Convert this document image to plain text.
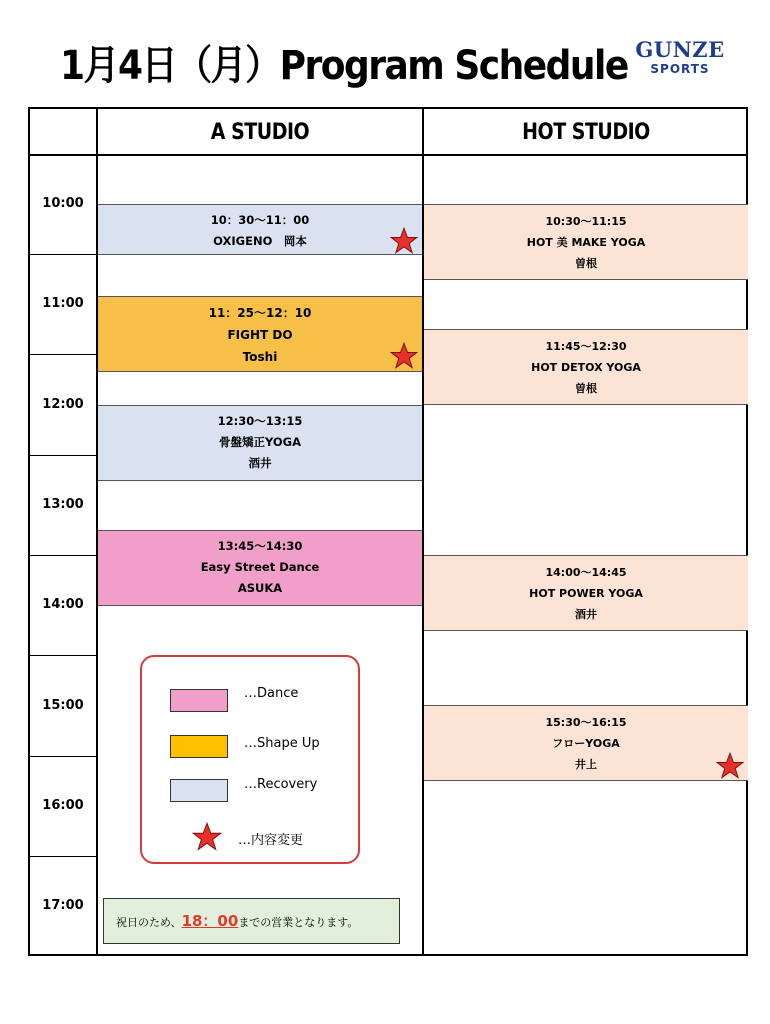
1月4日（月）Program Schedule GUNZE
SPORTS
A STUDIO	HOT STUDIO
10:00
11:00
12:00
13:00
14:00
15:00
16:00
17:00
10：30～11：00
OXIGENO　岡本
11：25～12：10
FIGHT DO
Toshi
12:30～13:15
骨盤矯正YOGA
酒井
13:45～14:30
Easy Street Dance
ASUKA
10:30～11:15
HOT 美 MAKE YOGA
曽根
11:45～12:30
HOT DETOX YOGA
曽根
14:00～14:45
HOT POWER YOGA
酒井
15:30～16:15
フローYOGA
井上
…Dance
…Shape Up
…Recovery
…内容変更
祝日のため、18：00までの営業となります。
